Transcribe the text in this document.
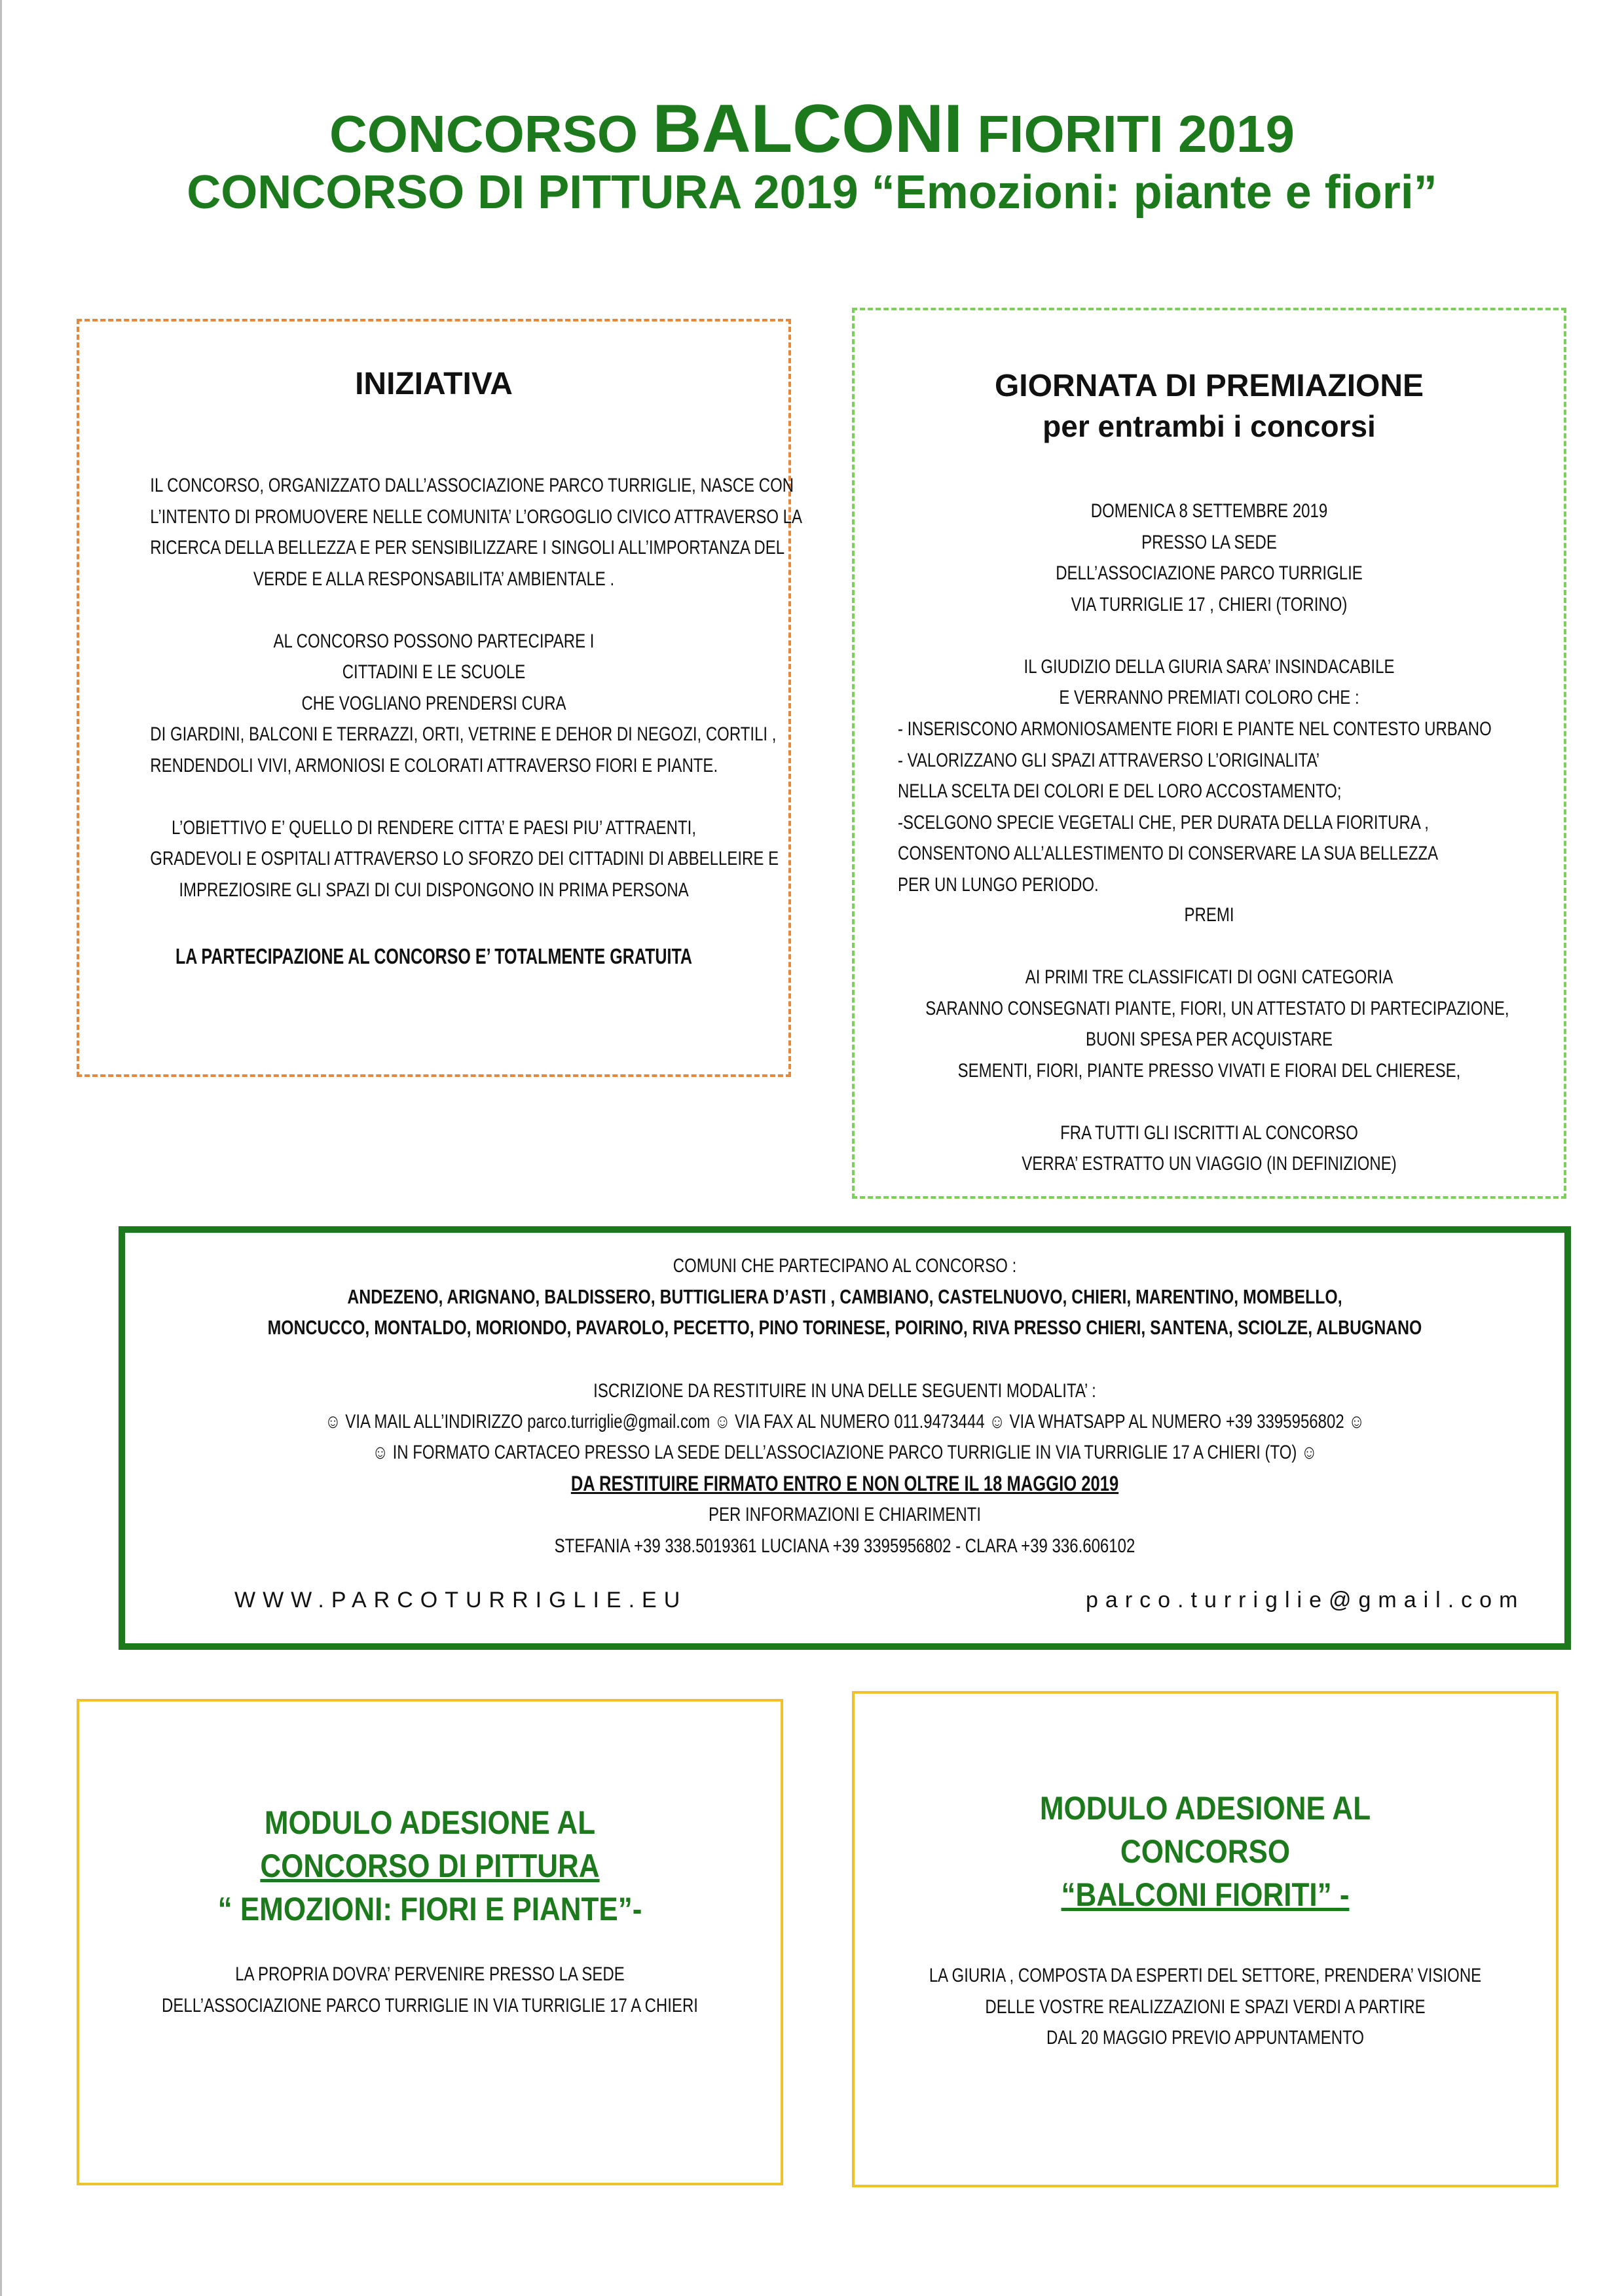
CONCORSO BALCONI FIORITI 2019
CONCORSO DI PITTURA 2019 “Emozioni: piante e fiori”
INIZIATIVA
IL CONCORSO, ORGANIZZATO DALL’ASSOCIAZIONE PARCO TURRIGLIE, NASCE CON
L’INTENTO DI PROMUOVERE NELLE COMUNITA’ L’ORGOGLIO CIVICO ATTRAVERSO LA
RICERCA DELLA BELLEZZA E PER SENSIBILIZZARE I SINGOLI ALL’IMPORTANZA DEL
VERDE E ALLA RESPONSABILITA’ AMBIENTALE .
AL CONCORSO POSSONO PARTECIPARE I
CITTADINI E LE SCUOLE
CHE VOGLIANO PRENDERSI CURA
DI GIARDINI, BALCONI E TERRAZZI, ORTI, VETRINE E DEHOR DI NEGOZI, CORTILI ,
RENDENDOLI VIVI, ARMONIOSI E COLORATI ATTRAVERSO FIORI E PIANTE.
L’OBIETTIVO E’ QUELLO DI RENDERE CITTA’ E PAESI PIU’ ATTRAENTI,
GRADEVOLI E OSPITALI ATTRAVERSO LO SFORZO DEI CITTADINI DI ABBELLEIRE E
IMPREZIOSIRE GLI SPAZI DI CUI DISPONGONO IN PRIMA PERSONA
LA PARTECIPAZIONE AL CONCORSO E’ TOTALMENTE GRATUITA
GIORNATA DI PREMIAZIONE
per entrambi i concorsi
DOMENICA 8 SETTEMBRE 2019
PRESSO LA SEDE
DELL’ASSOCIAZIONE PARCO TURRIGLIE
VIA TURRIGLIE 17 , CHIERI (TORINO)
IL GIUDIZIO DELLA GIURIA SARA’ INSINDACABILE
E VERRANNO PREMIATI COLORO CHE :
- INSERISCONO ARMONIOSAMENTE FIORI E PIANTE NEL CONTESTO URBANO
- VALORIZZANO GLI SPAZI ATTRAVERSO L’ORIGINALITA’
NELLA SCELTA DEI COLORI E DEL LORO ACCOSTAMENTO;
-SCELGONO SPECIE VEGETALI CHE, PER DURATA DELLA FIORITURA ,
CONSENTONO ALL’ALLESTIMENTO DI CONSERVARE LA SUA BELLEZZA
PER UN LUNGO PERIODO.
PREMI
AI PRIMI TRE CLASSIFICATI DI OGNI CATEGORIA
SARANNO CONSEGNATI PIANTE, FIORI, UN ATTESTATO DI PARTECIPAZIONE,
BUONI SPESA PER ACQUISTARE
SEMENTI, FIORI, PIANTE PRESSO VIVATI E FIORAI DEL CHIERESE,
FRA TUTTI GLI ISCRITTI AL CONCORSO
VERRA’ ESTRATTO UN VIAGGIO (IN DEFINIZIONE)
COMUNI CHE PARTECIPANO AL CONCORSO :
ANDEZENO, ARIGNANO, BALDISSERO, BUTTIGLIERA D’ASTI , CAMBIANO, CASTELNUOVO, CHIERI, MARENTINO, MOMBELLO,
MONCUCCO, MONTALDO, MORIONDO, PAVAROLO, PECETTO, PINO TORINESE, POIRINO, RIVA PRESSO CHIERI, SANTENA, SCIOLZE, ALBUGNANO
ISCRIZIONE DA RESTITUIRE IN UNA DELLE SEGUENTI MODALITA’ :
☺ VIA MAIL ALL’INDIRIZZO parco.turriglie@gmail.com ☺ VIA FAX AL NUMERO 011.9473444 ☺ VIA WHATSAPP AL NUMERO +39 3395956802 ☺
☺ IN FORMATO CARTACEO PRESSO LA SEDE DELL’ASSOCIAZIONE PARCO TURRIGLIE IN VIA TURRIGLIE 17 A CHIERI (TO) ☺
DA RESTITUIRE FIRMATO ENTRO E NON OLTRE IL 18 MAGGIO 2019
PER INFORMAZIONI E CHIARIMENTI
STEFANIA +39 338.5019361 LUCIANA +39 3395956802 - CLARA +39 336.606102
WWW.PARCOTURRIGLIE.EU	parco.turriglie@gmail.com
MODULO ADESIONE AL
CONCORSO DI PITTURA
“ EMOZIONI: FIORI E PIANTE”-
LA PROPRIA DOVRA’ PERVENIRE PRESSO LA SEDE
DELL’ASSOCIAZIONE PARCO TURRIGLIE IN VIA TURRIGLIE 17 A CHIERI
MODULO ADESIONE AL
CONCORSO
“BALCONI FIORITI” -
LA GIURIA , COMPOSTA DA ESPERTI DEL SETTORE, PRENDERA’ VISIONE
DELLE VOSTRE REALIZZAZIONI E SPAZI VERDI A PARTIRE
DAL 20 MAGGIO PREVIO APPUNTAMENTO
